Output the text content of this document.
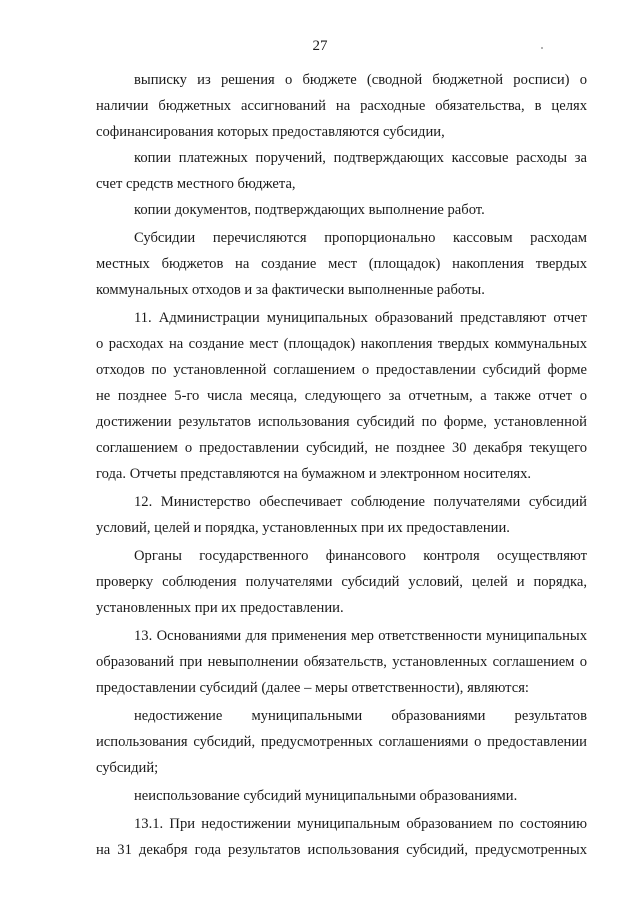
27
выписку из решения о бюджете (сводной бюджетной росписи) о
наличии бюджетных ассигнований на расходные обязательства, в целях
софинансирования которых предоставляются субсидии,
копии платежных поручений, подтверждающих кассовые расходы за
счет средств местного бюджета,
копии документов, подтверждающих выполнение работ.
Субсидии перечисляются пропорционально кассовым расходам
местных бюджетов на создание мест (площадок) накопления твердых
коммунальных отходов и за фактически выполненные работы.
11. Администрации муниципальных образований представляют отчет
о расходах на создание мест (площадок) накопления твердых коммунальных
отходов по установленной соглашением о предоставлении субсидий форме
не позднее 5-го числа месяца, следующего за отчетным, а также отчет о
достижении результатов использования субсидий по форме, установленной
соглашением о предоставлении субсидий, не позднее 30 декабря текущего
года. Отчеты представляются на бумажном и электронном носителях.
12. Министерство обеспечивает соблюдение получателями субсидий
условий, целей и порядка, установленных при их предоставлении.
Органы государственного финансового контроля осуществляют
проверку соблюдения получателями субсидий условий, целей и порядка,
установленных при их предоставлении.
13. Основаниями для применения мер ответственности муниципальных
образований при невыполнении обязательств, установленных соглашением о
предоставлении субсидий (далее – меры ответственности), являются:
недостижение муниципальными образованиями результатов
использования субсидий, предусмотренных соглашениями о предоставлении
субсидий;
неиспользование субсидий муниципальными образованиями.
13.1. При недостижении муниципальным образованием по состоянию
на 31 декабря года результатов использования субсидий, предусмотренных
